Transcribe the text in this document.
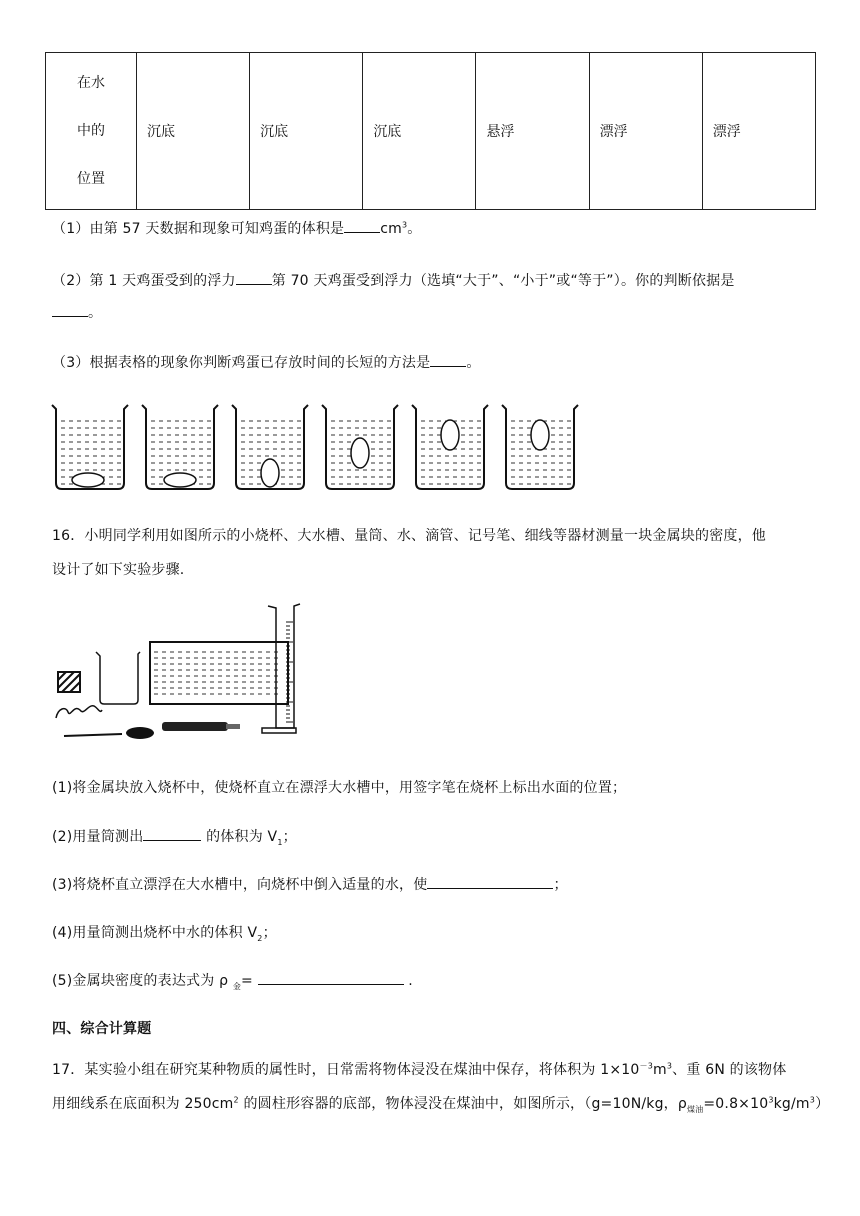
在水
中的
位置
	沉底	沉底	沉底	悬浮	漂浮	漂浮
（1）由第 57 天数据和现象可知鸡蛋的体积是	$cm^3$。
（2）第 1 天鸡蛋受到的浮力	第 70 天鸡蛋受到浮力（选填“大于”、“小于”或“等于”）。你的判断依据是
。
（3）根据表格的现象你判断鸡蛋已存放时间的长短的方法是	。
16．小明同学利用如图所示的小烧杯、大水槽、量筒、水、滴管、记号笔、细线等器材测量一块金属块的密度，他
设计了如下实验步骤.
(1)将金属块放入烧杯中，使烧杯直立在漂浮大水槽中，用签字笔在烧杯上标出水面的位置；
(2)用量筒测出	的体积为 $V_1$；
(3)将烧杯直立漂浮在大水槽中，向烧杯中倒入适量的水，使	；
(4)用量筒测出烧杯中水的体积 $V_2$；
(5)金属块密度的表达式为 ρ $_金$=	.
四、综合计算题
17．某实验小组在研究某种物质的属性时，日常需将物体浸没在煤油中保存，将体积为 $1\times 10^{-3}m^3$、重 6N 的该物体
用细线系在底面积为 $250cm^2$ 的圆柱形容器的底部，物体浸没在煤油中，如图所示，（g=10N/kg，$\rho_{煤油}=0.8\times 10^3kg/m^3$）
